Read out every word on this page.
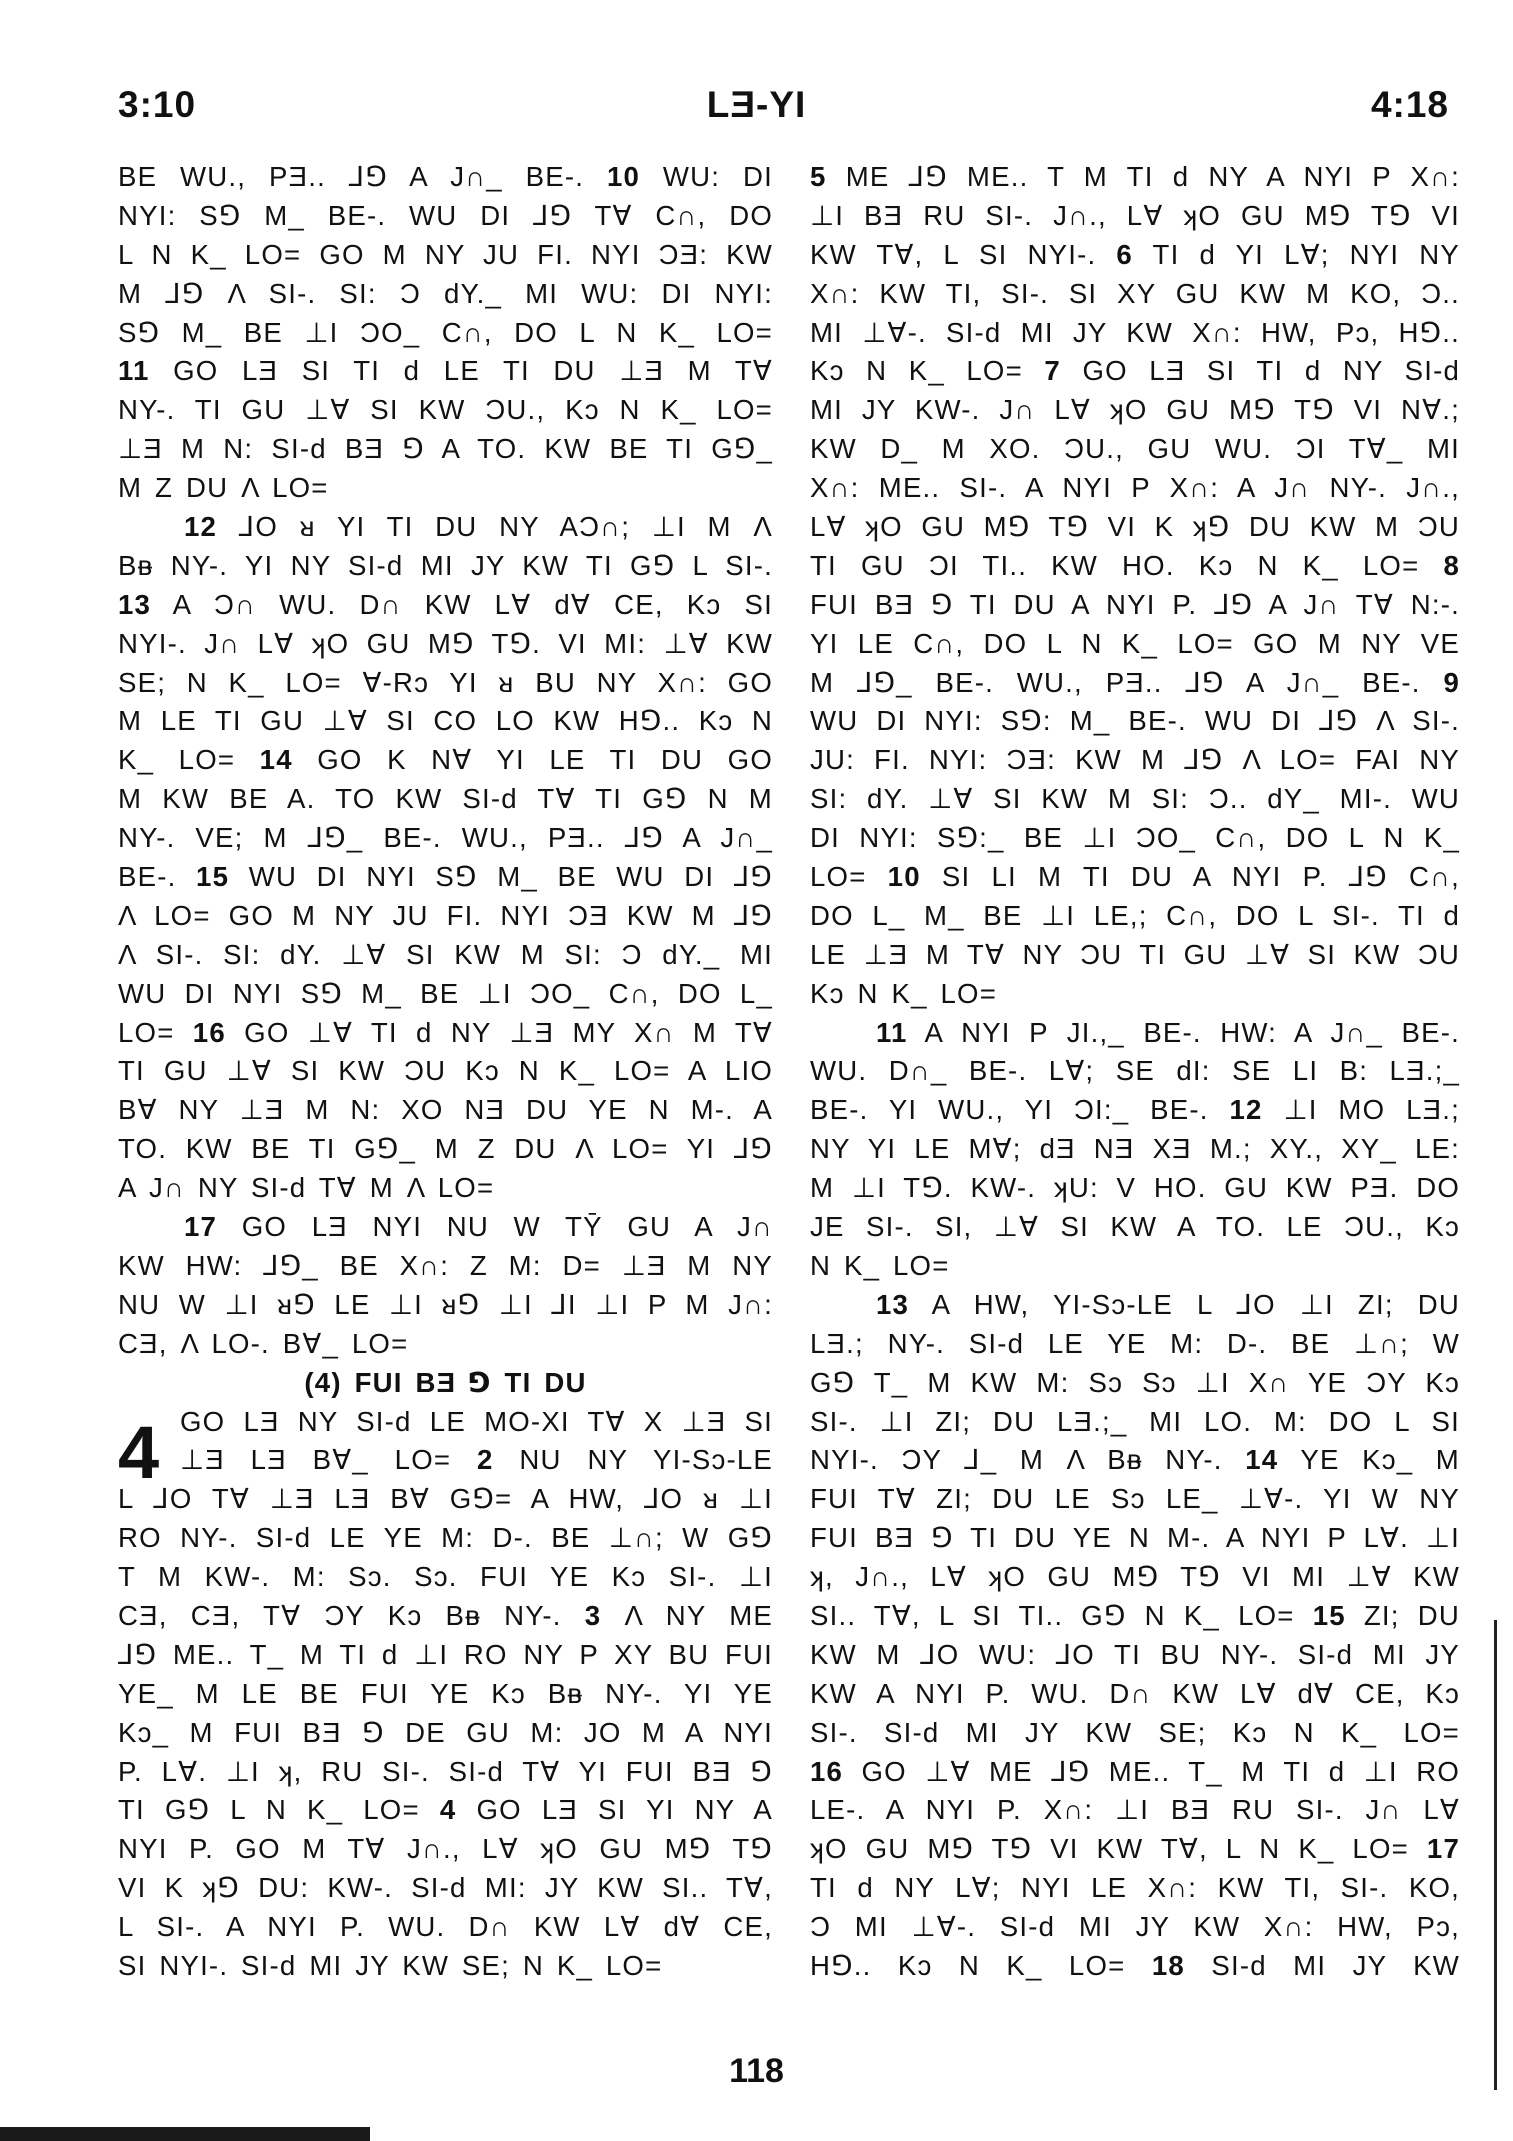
3:10	LƎ-YI	4:18
BE WU., PƎ.. ⅃⅁ A J∩_ BE-. 10 WU: DI
NYI: S⅁ M_ BE-. WU DI ⅃⅁ T∀ C∩, DO
L N K_ LO= GO M NY JU FI. NYI ƆƎ: KW
M ⅃⅁ Λ SI-. SI: Ɔ dY._ MI WU: DI NYI:
S⅁ M_ BE ⊥I ƆO_ C∩, DO L N K_ LO=
11 GO LƎ SI TI d LE TI DU ⊥Ǝ M T∀
NY-. TI GU ⊥∀ SI KW ƆU., Kɔ N K_ LO=
⊥Ǝ M N: SI-d BƎ ⅁ A TO. KW BE TI G⅁_
M Z DU Λ LO=
12 ⅃O ᴚ YI TI DU NY AƆ∩; ⊥I M Λ
Bᴃ NY-. YI NY SI-d MI JY KW TI G⅁ L SI-.
13 A Ɔ∩ WU. D∩ KW L∀ d∀ CE, Kɔ SI
NYI-. J∩ L∀ ʞO GU M⅁ T⅁. VI MI: ⊥∀ KW
SE; N K_ LO= ∀-Rɔ YI ᴚ BU NY X∩: GO
M LE TI GU ⊥∀ SI CO LO KW H⅁.. Kɔ N
K_ LO= 14 GO K N∀ YI LE TI DU GO
M KW BE A. TO KW SI-d T∀ TI G⅁ N M
NY-. VE; M ⅃⅁_ BE-. WU., PƎ.. ⅃⅁ A J∩_
BE-. 15 WU DI NYI S⅁ M_ BE WU DI ⅃⅁
Λ LO= GO M NY JU FI. NYI ƆƎ KW M ⅃⅁
Λ SI-. SI: dY. ⊥∀ SI KW M SI: Ɔ dY._ MI
WU DI NYI S⅁ M_ BE ⊥I ƆO_ C∩, DO L_
LO= 16 GO ⊥∀ TI d NY ⊥Ǝ MY X∩ M T∀
TI GU ⊥∀ SI KW ƆU Kɔ N K_ LO= A LIO
B∀ NY ⊥Ǝ M N: XO NƎ DU YE N M-. A
TO. KW BE TI G⅁_ M Z DU Λ LO= YI ⅃⅁
A J∩ NY SI-d T∀ M Λ LO=
17 GO LƎ NYI NU W TȲ GU A J∩
KW HW: ⅃⅁_ BE X∩: Z M: D= ⊥Ǝ M NY
NU W ⊥I ᴚ⅁ LE ⊥I ᴚ⅁ ⊥I ⅃I ⊥I P M J∩:
CƎ, Λ LO-. B∀_ LO=
(4) FUI BƎ ⅁ TI DU
GO LƎ NY SI-d LE MO-XI T∀ X ⊥Ǝ SI
⊥Ǝ LƎ B∀_ LO= 2 NU NY YI-Sɔ-LE
L ⅃O T∀ ⊥Ǝ LƎ B∀ G⅁= A HW, ⅃O ᴚ ⊥I
RO NY-. SI-d LE YE M: D-. BE ⊥∩; W G⅁
T M KW-. M: Sɔ. Sɔ. FUI YE Kɔ SI-. ⊥I
CƎ, CƎ, T∀ ƆY Kɔ Bᴃ NY-. 3 Λ NY ME
⅃⅁ ME.. T_ M TI d ⊥I RO NY P XY BU FUI
YE_ M LE BE FUI YE Kɔ Bᴃ NY-. YI YE
Kɔ_ M FUI BƎ ⅁ DE GU M: JO M A NYI
P. L∀. ⊥I ʞ, RU SI-. SI-d T∀ YI FUI BƎ ⅁
TI G⅁ L N K_ LO= 4 GO LƎ SI YI NY A
NYI P. GO M T∀ J∩., L∀ ʞO GU M⅁ T⅁
VI K ʞ⅁ DU: KW-. SI-d MI: JY KW SI.. T∀,
L SI-. A NYI P. WU. D∩ KW L∀ d∀ CE,
SI NYI-. SI-d MI JY KW SE; N K_ LO=
4
5 ME ⅃⅁ ME.. T M TI d NY A NYI P X∩:
⊥I BƎ RU SI-. J∩., L∀ ʞO GU M⅁ T⅁ VI
KW T∀, L SI NYI-. 6 TI d YI L∀; NYI NY
X∩: KW TI, SI-. SI XY GU KW M KO, Ɔ..
MI ⊥∀-. SI-d MI JY KW X∩: HW, Pɔ, H⅁..
Kɔ N K_ LO= 7 GO LƎ SI TI d NY SI-d
MI JY KW-. J∩ L∀ ʞO GU M⅁ T⅁ VI N∀.;
KW D_ M XO. ƆU., GU WU. ƆI T∀_ MI
X∩: ME.. SI-. A NYI P X∩: A J∩ NY-. J∩.,
L∀ ʞO GU M⅁ T⅁ VI K ʞ⅁ DU KW M ƆU
TI GU ƆI TI.. KW HO. Kɔ N K_ LO= 8
FUI BƎ ⅁ TI DU A NYI P. ⅃⅁ A J∩ T∀ N:-.
YI LE C∩, DO L N K_ LO= GO M NY VE
M ⅃⅁_ BE-. WU., PƎ.. ⅃⅁ A J∩_ BE-. 9
WU DI NYI: S⅁: M_ BE-. WU DI ⅃⅁ Λ SI-.
JU: FI. NYI: ƆƎ: KW M ⅃⅁ Λ LO= FAI NY
SI: dY. ⊥∀ SI KW M SI: Ɔ.. dY_ MI-. WU
DI NYI: S⅁:_ BE ⊥I ƆO_ C∩, DO L N K_
LO= 10 SI LI M TI DU A NYI P. ⅃⅁ C∩,
DO L_ M_ BE ⊥I LE,; C∩, DO L SI-. TI d
LE ⊥Ǝ M T∀ NY ƆU TI GU ⊥∀ SI KW ƆU
Kɔ N K_ LO=
11 A NYI P JI.,_ BE-. HW: A J∩_ BE-.
WU. D∩_ BE-. L∀; SE dI: SE LI B: LƎ.;_
BE-. YI WU., YI ƆI:_ BE-. 12 ⊥I MO LƎ.;
NY YI LE M∀; dƎ NƎ XƎ M.; XY., XY_ LE:
M ⊥I T⅁. KW-. ʞU: V HO. GU KW PƎ. DO
JE SI-. SI, ⊥∀ SI KW A TO. LE ƆU., Kɔ
N K_ LO=
13 A HW, YI-Sɔ-LE L ⅃O ⊥I ZI; DU
LƎ.; NY-. SI-d LE YE M: D-. BE ⊥∩; W
G⅁ T_ M KW M: Sɔ Sɔ ⊥I X∩ YE ƆY Kɔ
SI-. ⊥I ZI; DU LƎ.;_ MI LO. M: DO L SI
NYI-. ƆY ⅃_ M Λ Bᴃ NY-. 14 YE Kɔ_ M
FUI T∀ ZI; DU LE Sɔ LE_ ⊥∀-. YI W NY
FUI BƎ ⅁ TI DU YE N M-. A NYI P L∀. ⊥I
ʞ, J∩., L∀ ʞO GU M⅁ T⅁ VI MI ⊥∀ KW
SI.. T∀, L SI TI.. G⅁ N K_ LO= 15 ZI; DU
KW M ⅃O WU: ⅃O TI BU NY-. SI-d MI JY
KW A NYI P. WU. D∩ KW L∀ d∀ CE, Kɔ
SI-. SI-d MI JY KW SE; Kɔ N K_ LO=
16 GO ⊥∀ ME ⅃⅁ ME.. T_ M TI d ⊥I RO
LE-. A NYI P. X∩: ⊥I BƎ RU SI-. J∩ L∀
ʞO GU M⅁ T⅁ VI KW T∀, L N K_ LO= 17
TI d NY L∀; NYI LE X∩: KW TI, SI-. KO,
Ɔ MI ⊥∀-. SI-d MI JY KW X∩: HW, Pɔ,
H⅁.. Kɔ N K_ LO= 18 SI-d MI JY KW
118
